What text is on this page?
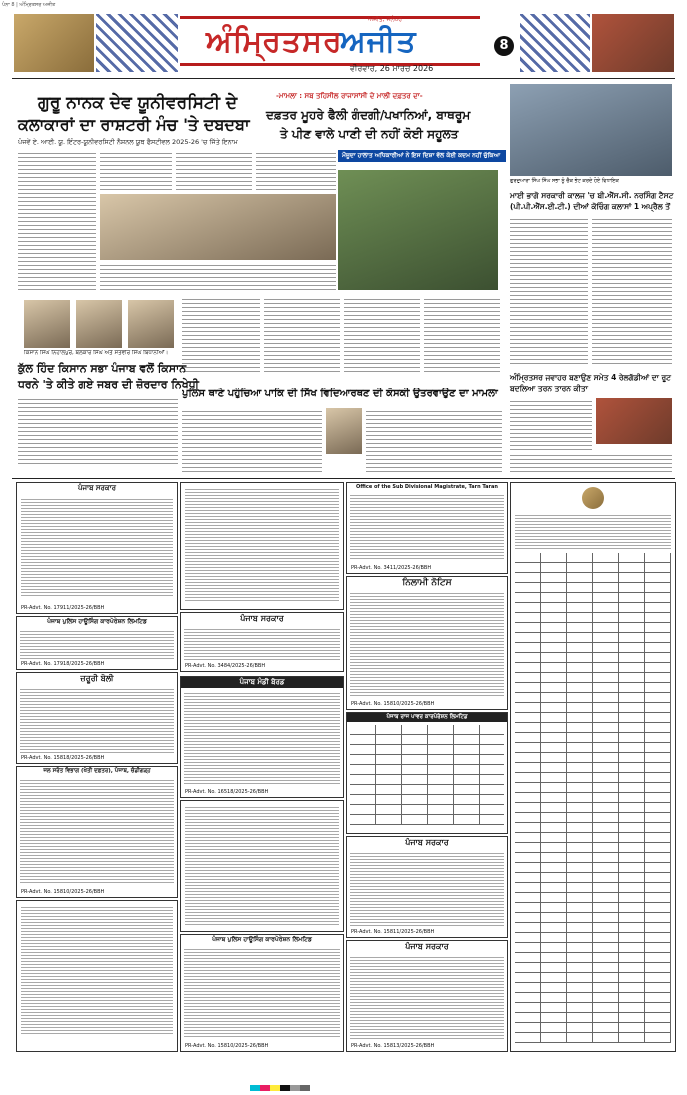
ਪੰਨਾ 8 | ਅੰਮ੍ਰਿਤਸਰ ਅਜੀਤ
ਅਜੀਤ, ਜਲੰਧਰ
ਅੰਮ੍ਰਿਤਸਰ
ਅਜੀਤ
ਵੀਰਵਾਰ, 26 ਮਾਰਚ 2026
8
ਗੁਰੂ ਨਾਨਕ ਦੇਵ ਯੂਨੀਵਰਸਿਟੀ ਦੇ
ਕਲਾਕਾਰਾਂ ਦਾ ਰਾਸ਼ਟਰੀ ਮੰਚ 'ਤੇ ਦਬਦਬਾ
ਪੰਜਵੇਂ ਏ. ਆਈ. ਯੂ. ਇੰਟਰ-ਯੂਨੀਵਰਸਿਟੀ ਨੈਸ਼ਨਲ ਯੂਥ ਫੈਸਟੀਵਲ 2025-26 'ਚ ਜਿੱਤੇ ਇਨਾਮ
ਕਿਸਾਨ ਸਿੰਘ ਨਿਹਾਲਪੁਰ, ਬਲਕਾਰ ਸਿੰਘ ਅਤੇ ਸਤਵੀਰ ਸਿੰਘ ਬਿਧਾਨੀਆਂ।
ਕੁੱਲ ਹਿੰਦ ਕਿਸਾਨ ਸਭਾ ਪੰਜਾਬ ਵਲੋਂ ਕਿਸਾਨ
ਧਰਨੇ 'ਤੇ ਕੀਤੇ ਗਏ ਜਬਰ ਦੀ ਜ਼ੋਰਦਾਰ ਨਿਖੇਧੀ
-ਮਾਮਲਾ : ਸਬ ਤਹਿਸੀਲ ਰਾਜਾਸਾਂਸੀ ਦੇ ਮਾਲੀ ਦਫ਼ਤਰ ਦਾ-
ਦਫ਼ਤਰ ਮੂਹਰੇ ਫੈਲੀ ਗੰਦਗੀ/ਪਖਾਨਿਆਂ, ਬਾਥਰੂਮ
ਤੇ ਪੀਣ ਵਾਲੇ ਪਾਣੀ ਦੀ ਨਹੀਂ ਕੋਈ ਸਹੂਲਤ
ਮੌਜੂਦਾ ਹਾਲਾਤ ਅਧਿਕਾਰੀਆਂ ਨੇ ਇਸ ਦਿਸ਼ਾ ਵੱਲ ਕੋਈ ਕਦਮ ਨਹੀਂ ਚੁੱਕਿਆ
ਗੁਰਦੁਆਰਾ ਸਿੰਘ ਸਿੰਘ ਸਭਾ ਨੂੰ ਚੈੱਕ ਭੇਟ ਕਰਦੇ ਹੋਏ ਵਿਧਾਇਕ
ਮਾਈ ਭਾਗੋ ਸਰਕਾਰੀ ਕਾਲਜ 'ਚ ਬੀ.ਐੱਸ.ਸੀ. ਨਰਸਿੰਗ ਟੈਸਟ (ਪੀ.ਪੀ.ਐੱਸ.ਈ.ਟੀ.) ਦੀਆਂ ਕੋਚਿੰਗ ਕਲਾਸਾਂ 1 ਅਪ੍ਰੈਲ ਤੋਂ
ਅੰਮ੍ਰਿਤਸਰ ਜਵਾਹਰ ਬਣਾਉਣ ਸਮੇਤ 4 ਰੇਲਗੱਡੀਆਂ ਦਾ ਰੂਟ ਬਦਲਿਆ ਤਰਨ ਤਾਰਨ ਕੀਤਾ
ਪੁਲਿਸ ਥਾਣੇ ਪਹੁੰਚਿਆ ਪਾਕਿ ਦੀ ਸਿੱਖ ਵਿਦਿਆਰਥਣ ਦੀ ਕੋਸਕੀ ਉਤਰਵਾਉਣ ਦਾ ਮਾਮਲਾ
ਪੰਜਾਬ ਸਰਕਾਰ
PR-Advt. No. 17911/2025-26/BBH
ਪੰਜਾਬ ਪੁਲਿਸ ਹਾਊਸਿੰਗ ਕਾਰਪੋਰੇਸ਼ਨ ਲਿਮਟਿਡ
PR-Advt. No. 17918/2025-26/BBH
ਜ਼ਰੂਰੀ ਬੋਲੀ
PR-Advt. No. 15818/2025-26/BBH
ਜਲ ਸਰੋਤ ਵਿਭਾਗ (ਖੇਤੀ ਦਫ਼ਤਰ), ਪੰਜਾਬ, ਚੰਡੀਗੜ੍ਹ
PR-Advt. No. 15810/2025-26/BBH
ਪੰਜਾਬ ਸਰਕਾਰ
PR-Advt. No. 3484/2025-26/BBH
ਪੰਜਾਬ ਮੰਡੀ ਬੋਰਡ
PR-Advt. No. 16518/2025-26/BBH
ਪੰਜਾਬ ਪੁਲਿਸ ਹਾਊਸਿੰਗ ਕਾਰਪੋਰੇਸ਼ਨ ਲਿਮਟਿਡ
PR-Advt. No. 15810/2025-26/BBH
Office of the Sub Divisional Magistrate, Tarn Taran
PR-Advt. No. 3411/2025-26/BBH
ਨਿਲਾਮੀ ਨੋਟਿਸ
PR-Advt. No. 15810/2025-26/BBH
ਪੰਜਾਬ ਰਾਜ ਪਾਵਰ ਕਾਰਪੋਰੇਸ਼ਨ ਲਿਮਟਿਡ
ਪੰਜਾਬ ਸਰਕਾਰ
PR-Advt. No. 15811/2025-26/BBH
ਪੰਜਾਬ ਸਰਕਾਰ
PR-Advt. No. 15813/2025-26/BBH
